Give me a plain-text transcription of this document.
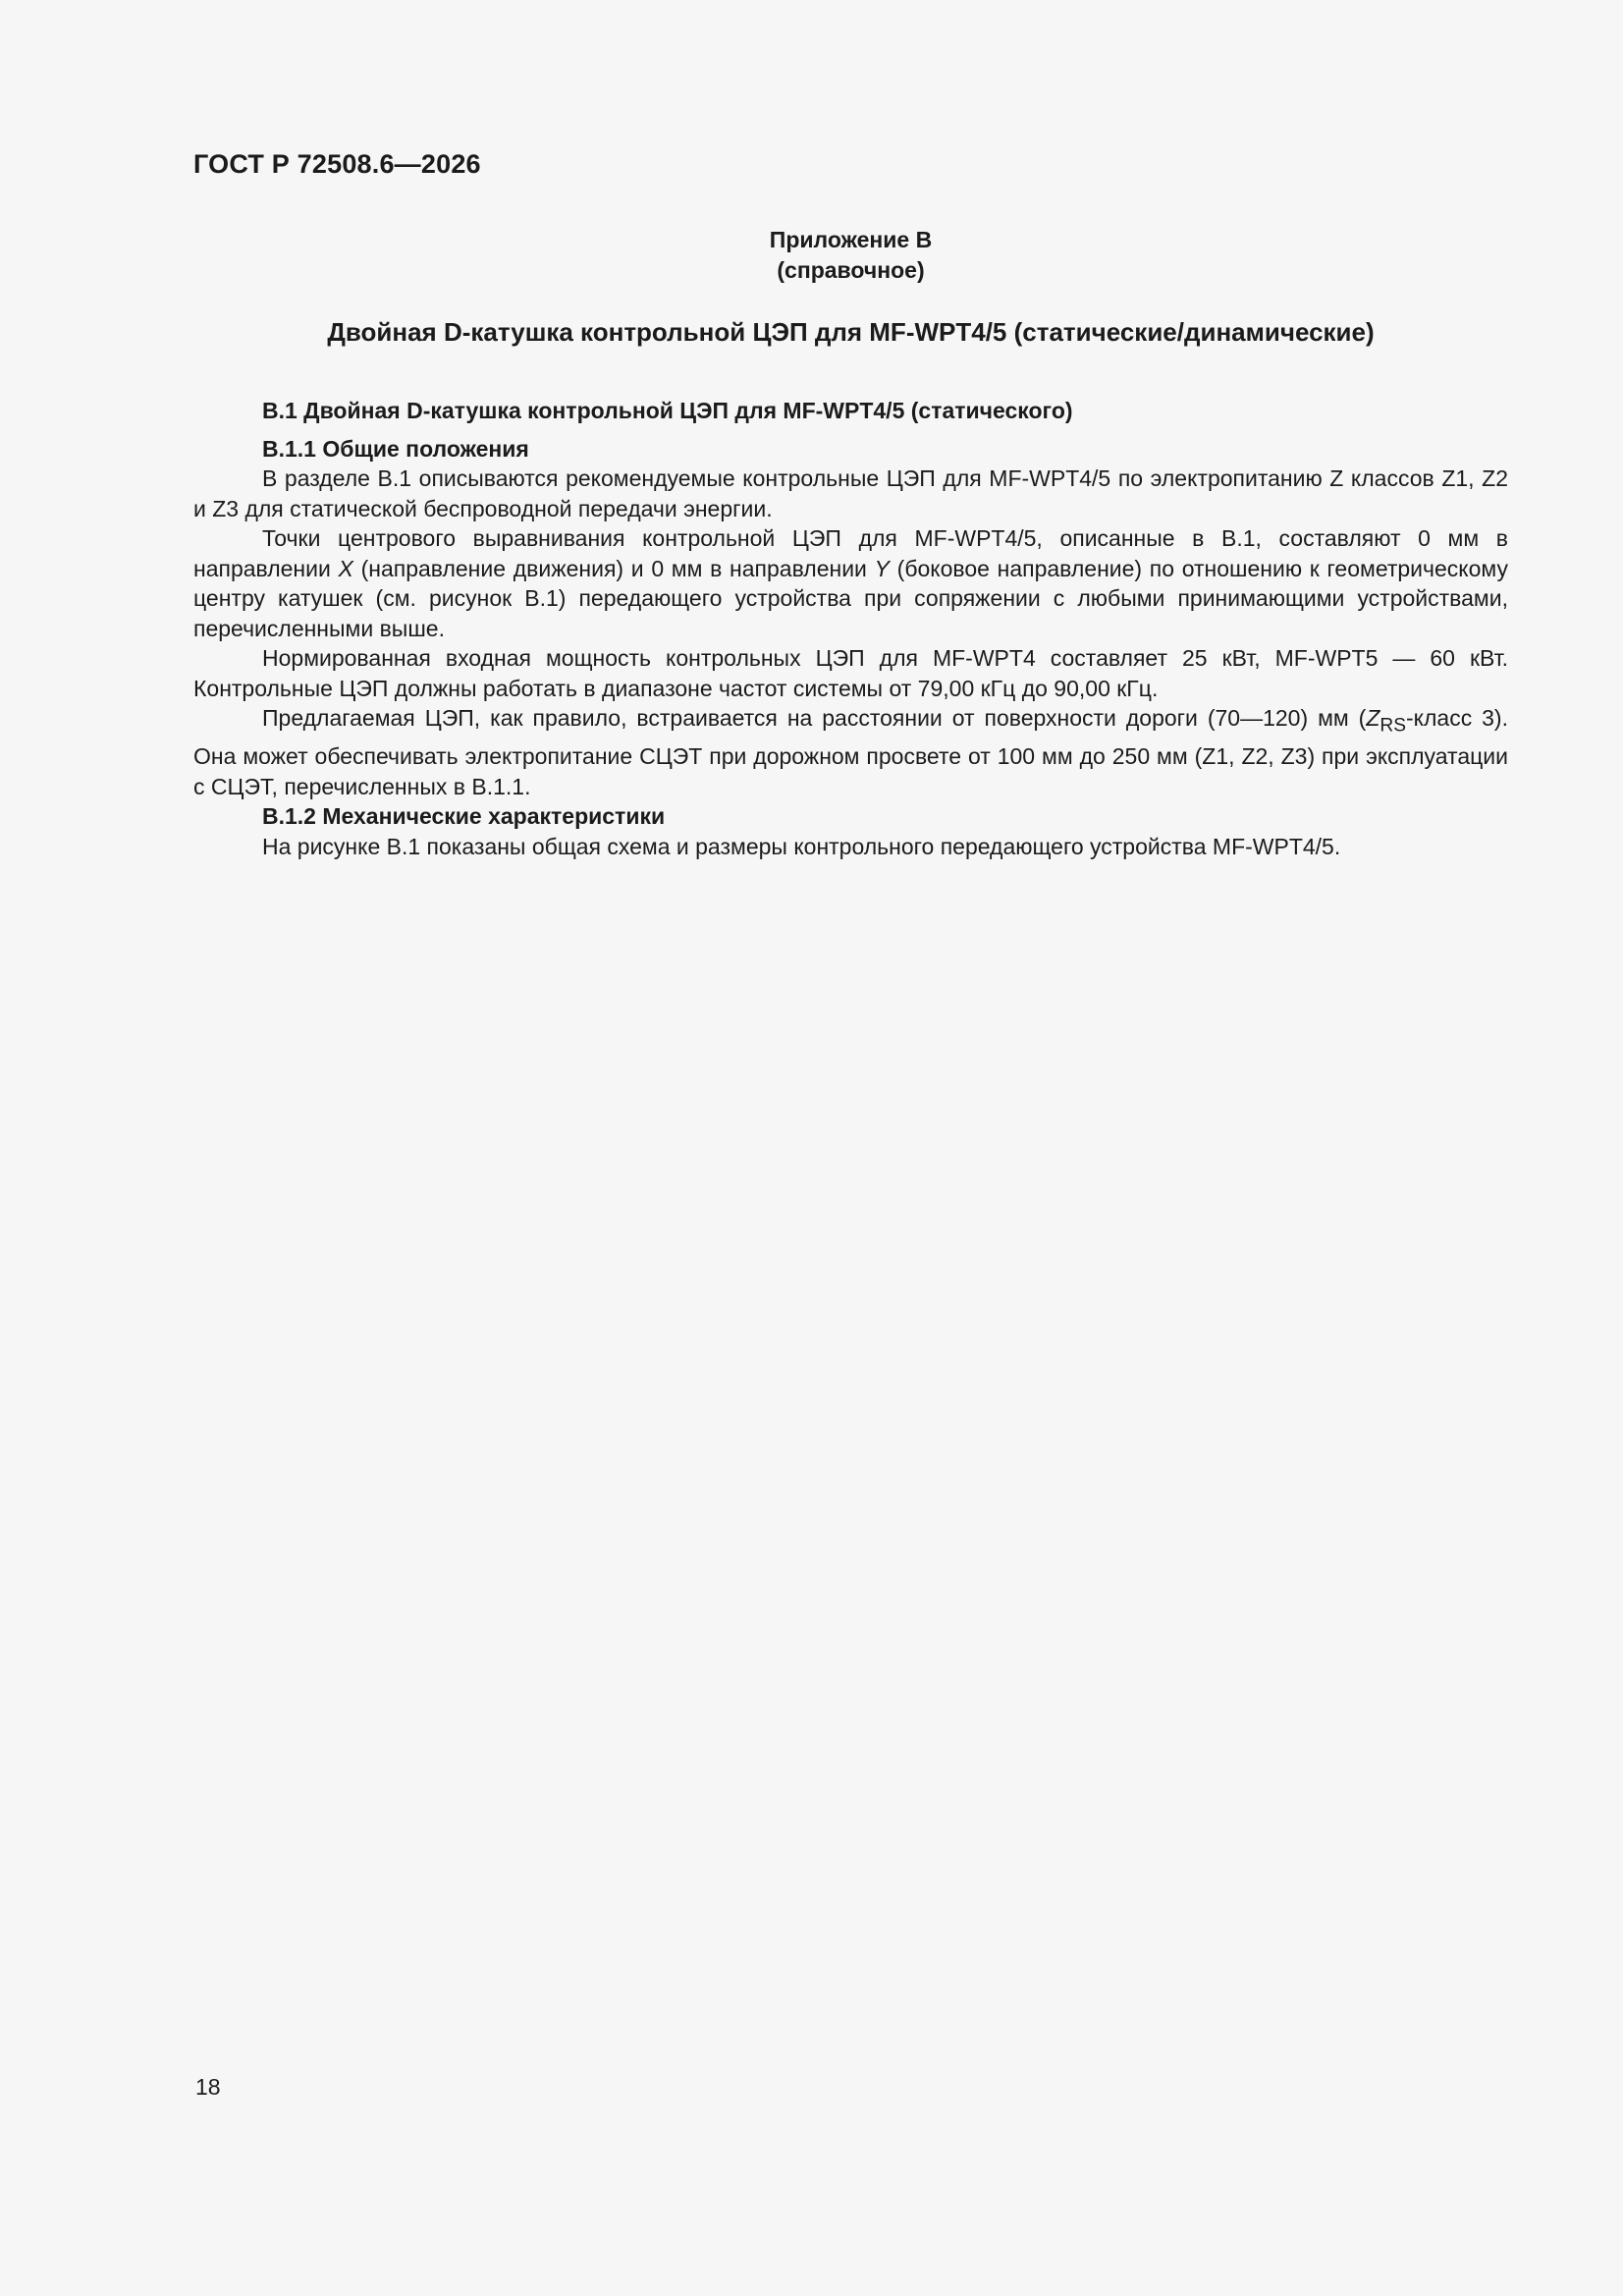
ГОСТ Р 72508.6—2026
Приложение В
(справочное)
Двойная D-катушка контрольной ЦЭП для MF-WPT4/5 (статические/динамические)
В.1 Двойная D-катушка контрольной ЦЭП для MF-WPT4/5 (статического)
В.1.1 Общие положения

В разделе В.1 описываются рекомендуемые контрольные ЦЭП для MF-WPT4/5 по электропитанию Z классов Z1, Z2 и Z3 для статической беспроводной передачи энергии.

Точки центрового выравнивания контрольной ЦЭП для MF-WPT4/5, описанные в В.1, составляют 0 мм в направлении X (направление движения) и 0 мм в направлении Y (боковое направление) по отношению к геометрическому центру катушек (см. рисунок В.1) передающего устройства при сопряжении с любыми принимающими устройствами, перечисленными выше.

Нормированная входная мощность контрольных ЦЭП для MF-WPT4 составляет 25 кВт, MF-WPT5 — 60 кВт. Контрольные ЦЭП должны работать в диапазоне частот системы от 79,00 кГц до 90,00 кГц.

Предлагаемая ЦЭП, как правило, встраивается на расстоянии от поверхности дороги (70—120) мм ($Z_{RS}$-класс 3). Она может обеспечивать электропитание СЦЭТ при дорожном просвете от 100 мм до 250 мм (Z1, Z2, Z3) при эксплуатации с СЦЭТ, перечисленных в В.1.1.

В.1.2 Механические характеристики

На рисунке В.1 показаны общая схема и размеры контрольного передающего устройства MF-WPT4/5.

18
